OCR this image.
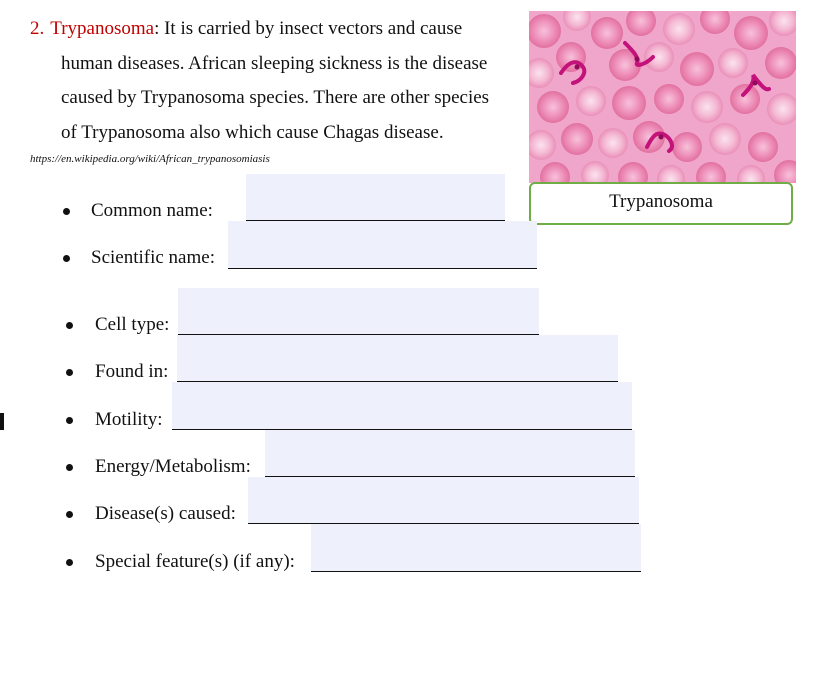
2. Trypanosoma: It is carried by insect vectors and cause
human diseases. African sleeping sickness is the disease
caused by Trypanosoma species. There are other species
of Trypanosoma also which cause Chagas disease.
https://en.wikipedia.org/wiki/African_trypanosomiasis
Trypanosoma
Common name:
Scientific name:
Cell type:
Found in:
Motility:
Energy/Metabolism:
Disease(s) caused:
Special feature(s) (if any):
